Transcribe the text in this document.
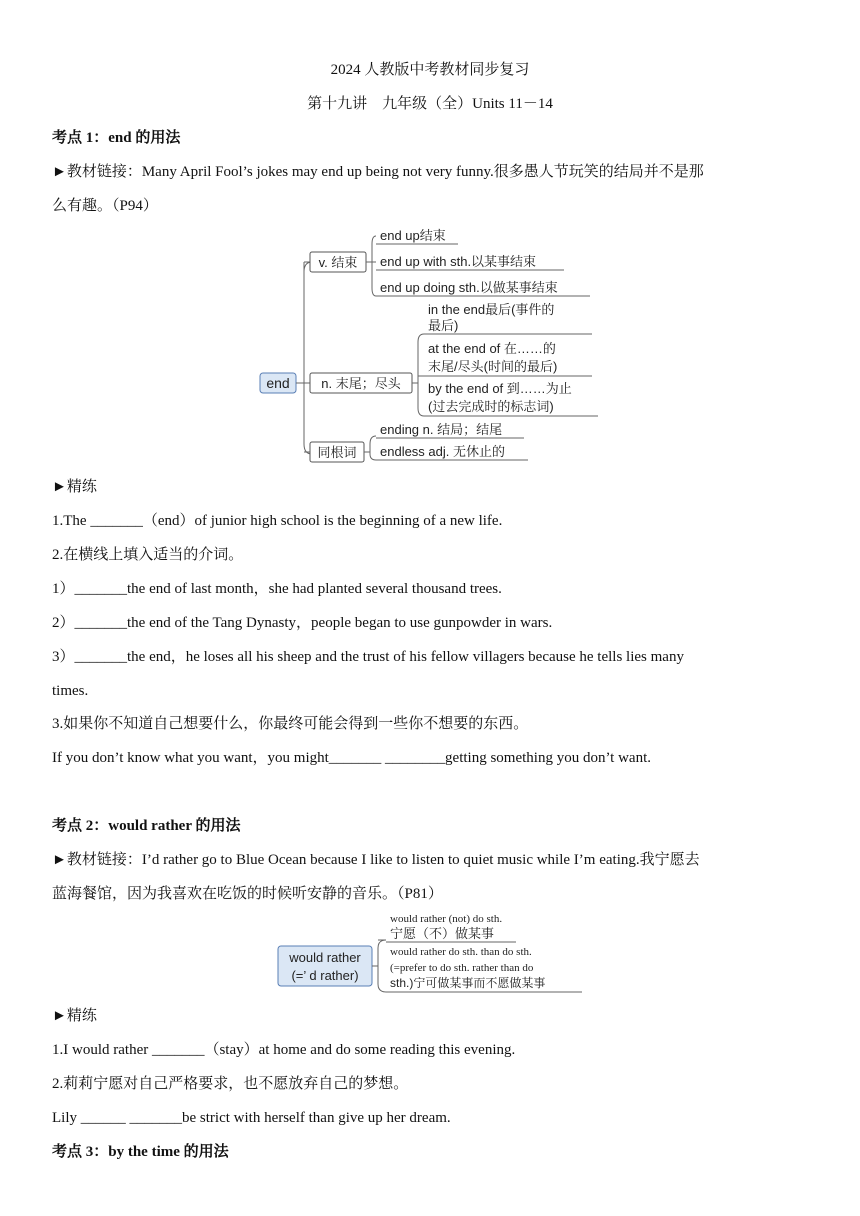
2024 人教版中考教材同步复习
第十九讲　九年级（全）Units 11－14
考点 1：end 的用法
►教材链接：Many April Fool’s jokes may end up being not very funny.很多愚人节玩笑的结局并不是那
么有趣。（P94）
end
v. 结束
n. 末尾；尽头
同根词
end up结束
end up with sth.以某事结束
end up doing sth.以做某事结束
in the end最后(事件的
最后)
at the end of 在……的
末尾/尽头(时间的最后)
by the end of 到……为止
(过去完成时的标志词)
ending n. 结局；结尾
endless adj. 无休止的
►精练
1.The _______（end）of junior high school is the beginning of a new life.
2.在横线上填入适当的介词。
1）_______the end of last month，she had planted several thousand trees.
2）_______the end of the Tang Dynasty，people began to use gunpowder in wars.
3）_______the end，he loses all his sheep and the trust of his fellow villagers because he tells lies many
times.
3.如果你不知道自己想要什么，你最终可能会得到一些你不想要的东西。
If you don’t know what you want，you might_______ ________getting something you don’t want.
考点 2：would rather 的用法
►教材链接：I’d rather go to Blue Ocean because I like to listen to quiet music while I’m eating.我宁愿去
蓝海餐馆，因为我喜欢在吃饭的时候听安静的音乐。（P81）
would rather
(=’ d rather)
would rather (not) do sth.
宁愿（不）做某事
would rather do sth. than do sth.
(=prefer to do sth. rather than do
sth.)宁可做某事而不愿做某事
►精练
1.I would rather _______（stay）at home and do some reading this evening.
2.莉莉宁愿对自己严格要求，也不愿放弃自己的梦想。
Lily ______ _______be strict with herself than give up her dream.
考点 3：by the time 的用法
